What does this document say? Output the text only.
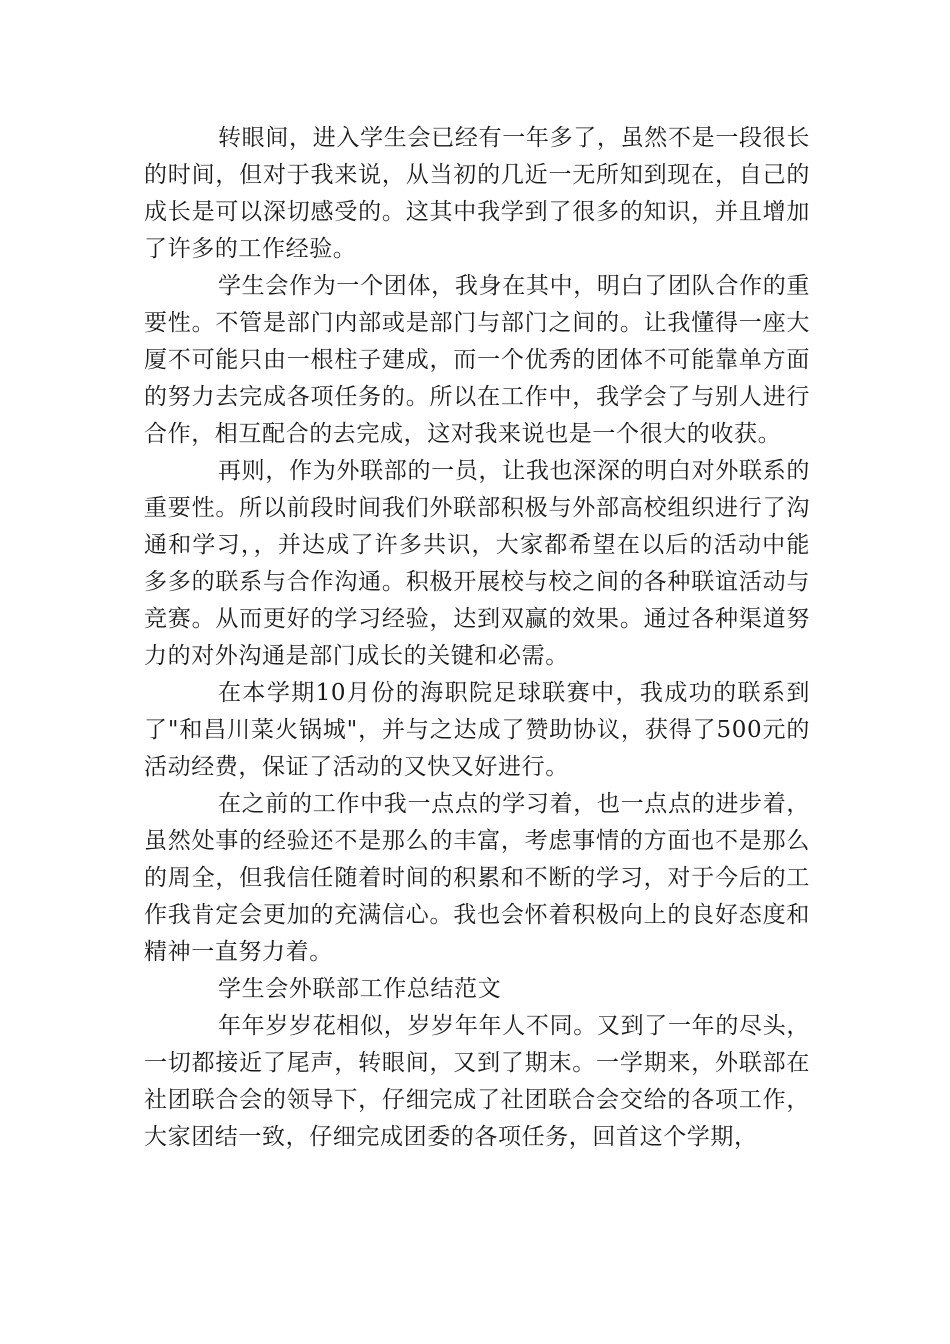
转眼间，进入学生会已经有一年多了，虽然不是一段很长的时间，但对于我来说，从当初的几近一无所知到现在，自己的成长是可以深切感受的。这其中我学到了很多的知识，并且增加了许多的工作经验。

学生会作为一个团体，我身在其中，明白了团队合作的重要性。不管是部门内部或是部门与部门之间的。让我懂得一座大厦不可能只由一根柱子建成，而一个优秀的团体不可能靠单方面的努力去完成各项任务的。所以在工作中，我学会了与别人进行合作，相互配合的去完成，这对我来说也是一个很大的收获。

再则，作为外联部的一员，让我也深深的明白对外联系的重要性。所以前段时间我们外联部积极与外部高校组织进行了沟通和学习，，并达成了许多共识，大家都希望在以后的活动中能多多的联系与合作沟通。积极开展校与校之间的各种联谊活动与竞赛。从而更好的学习经验，达到双赢的效果。通过各种渠道努力的对外沟通是部门成长的关键和必需。

在本学期10月份的海职院足球联赛中，我成功的联系到了"和昌川菜火锅城"，并与之达成了赞助协议，获得了500元的活动经费，保证了活动的又快又好进行。

在之前的工作中我一点点的学习着，也一点点的进步着，虽然处事的经验还不是那么的丰富，考虑事情的方面也不是那么的周全，但我信任随着时间的积累和不断的学习，对于今后的工作我肯定会更加的充满信心。我也会怀着积极向上的良好态度和精神一直努力着。

学生会外联部工作总结范文

年年岁岁花相似，岁岁年年人不同。又到了一年的尽头，一切都接近了尾声，转眼间，又到了期末。一学期来，外联部在社团联合会的领导下，仔细完成了社团联合会交给的各项工作，大家团结一致，仔细完成团委的各项任务，回首这个学期，
